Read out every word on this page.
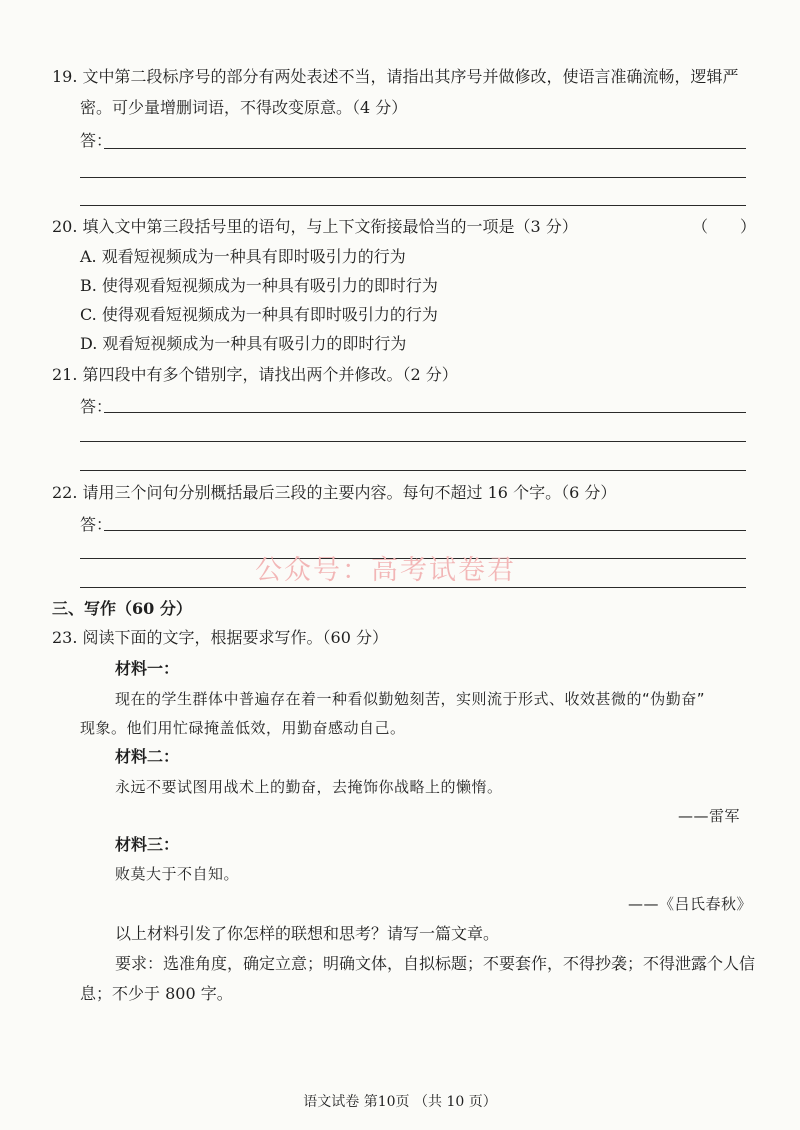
19. 文中第二段标序号的部分有两处表述不当，请指出其序号并做修改，使语言准确流畅，逻辑严
密。可少量增删词语，不得改变原意。（4 分）
答：
20. 填入文中第三段括号里的语句，与上下文衔接最恰当的一项是（3 分）	（　　）
A. 观看短视频成为一种具有即时吸引力的行为
B. 使得观看短视频成为一种具有吸引力的即时行为
C. 使得观看短视频成为一种具有即时吸引力的行为
D. 观看短视频成为一种具有吸引力的即时行为
21. 第四段中有多个错别字，请找出两个并修改。（2 分）
答：
22. 请用三个问句分别概括最后三段的主要内容。每句不超过 16 个字。（6 分）
答：
公众号：高考试卷君
三、写作（60 分）
23. 阅读下面的文字，根据要求写作。（60 分）
材料一：
现在的学生群体中普遍存在着一种看似勤勉刻苦，实则流于形式、收效甚微的“伪勤奋”
现象。他们用忙碌掩盖低效，用勤奋感动自己。
材料二：
永远不要试图用战术上的勤奋，去掩饰你战略上的懒惰。
——雷军
材料三：
败莫大于不自知。
——《吕氏春秋》
以上材料引发了你怎样的联想和思考？请写一篇文章。
要求：选准角度，确定立意；明确文体，自拟标题；不要套作，不得抄袭；不得泄露个人信
息；不少于 800 字。
语文试卷 第10页 （共 10 页）
